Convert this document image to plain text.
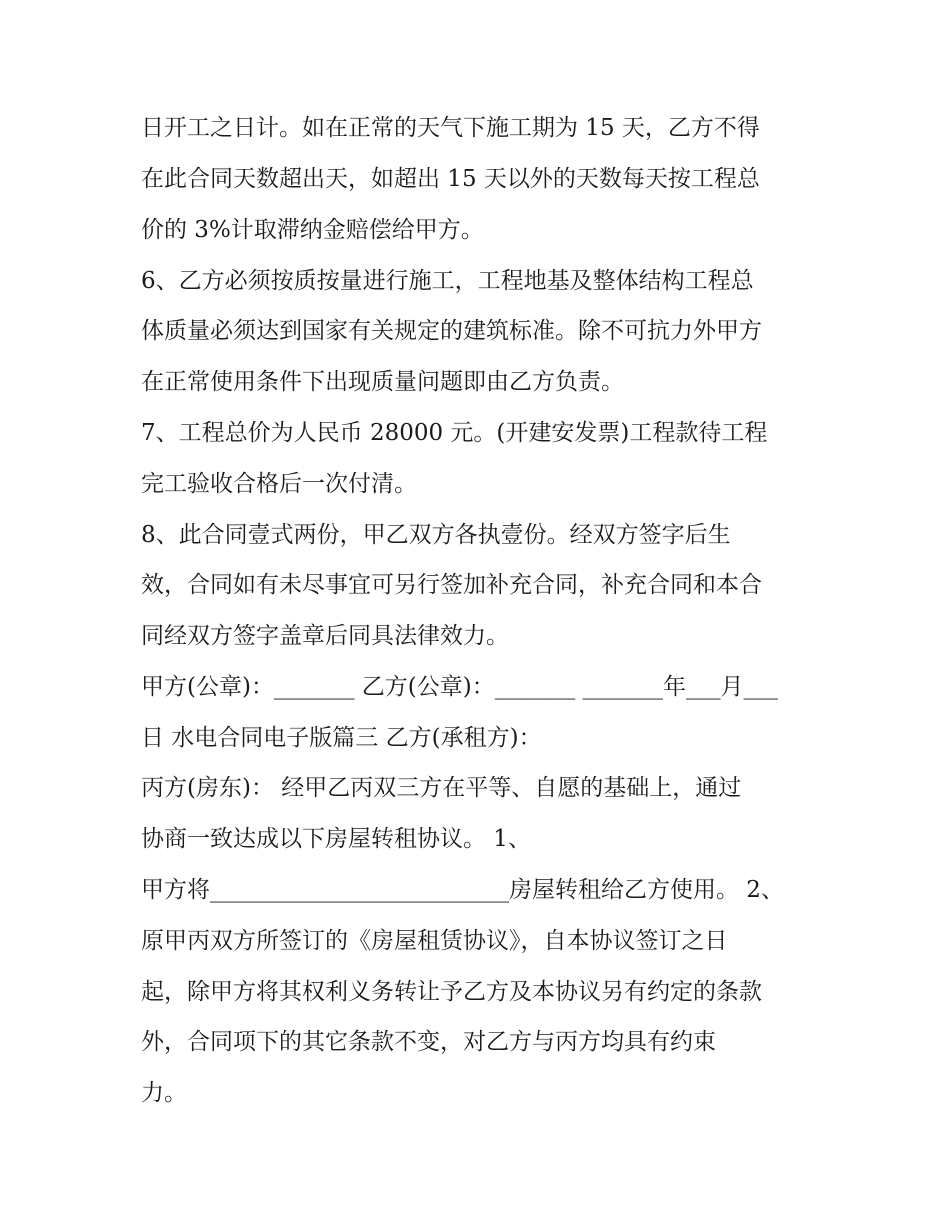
日开工之日计。如在正常的天气下施工期为 15 天，乙方不得
在此合同天数超出天，如超出 15 天以外的天数每天按工程总
价的 3%计取滞纳金赔偿给甲方。
6、乙方必须按质按量进行施工，工程地基及整体结构工程总
体质量必须达到国家有关规定的建筑标准。除不可抗力外甲方
在正常使用条件下出现质量问题即由乙方负责。
7、工程总价为人民币 28000 元。(开建安发票)工程款待工程
完工验收合格后一次付清。
8、此合同壹式两份，甲乙双方各执壹份。经双方签字后生
效，合同如有未尽事宜可另行签加补充合同，补充合同和本合
同经双方签字盖章后同具法律效力。
甲方(公章)：_______ 乙方(公章)：_______ _______年___月___
日 水电合同电子版篇三 乙方(承租方)：
丙方(房东)： 经甲乙丙双三方在平等、自愿的基础上，通过
协商一致达成以下房屋转租协议。 1、
甲方将__________________________房屋转租给乙方使用。 2、
原甲丙双方所签订的《房屋租赁协议》，自本协议签订之日
起，除甲方将其权利义务转让予乙方及本协议另有约定的条款
外，合同项下的其它条款不变，对乙方与丙方均具有约束
力。
